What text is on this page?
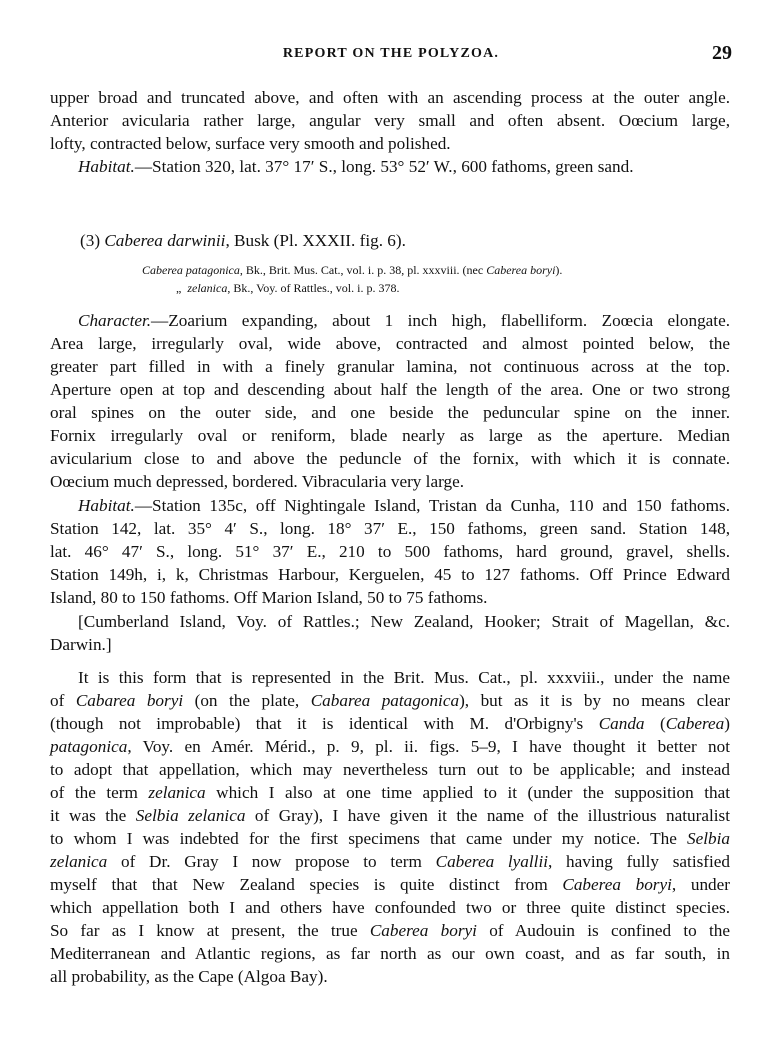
REPORT ON THE POLYZOA.	29
upper broad and truncated above, and often with an ascending process at the outer angle.
Anterior avicularia rather large, angular very small and often absent. Oœcium large,
lofty, contracted below, surface very smooth and polished.
Habitat.—Station 320, lat. 37° 17′ S., long. 53° 52′ W., 600 fathoms, green sand.
(3) Caberea darwinii, Busk (Pl. XXXII. fig. 6).
Caberea patagonica, Bk., Brit. Mus. Cat., vol. i. p. 38, pl. xxxviii. (nec Caberea boryi).
„ zelanica, Bk., Voy. of Rattles., vol. i. p. 378.
Character.—Zoarium expanding, about 1 inch high, flabelliform. Zoœcia elongate.
Area large, irregularly oval, wide above, contracted and almost pointed below, the
greater part filled in with a finely granular lamina, not continuous across at the top.
Aperture open at top and descending about half the length of the area. One or two strong
oral spines on the outer side, and one beside the peduncular spine on the inner.
Fornix irregularly oval or reniform, blade nearly as large as the aperture. Median
avicularium close to and above the peduncle of the fornix, with which it is connate.
Oœcium much depressed, bordered. Vibracularia very large.
Habitat.—Station 135c, off Nightingale Island, Tristan da Cunha, 110 and 150 fathoms.
Station 142, lat. 35° 4′ S., long. 18° 37′ E., 150 fathoms, green sand. Station 148,
lat. 46° 47′ S., long. 51° 37′ E., 210 to 500 fathoms, hard ground, gravel, shells.
Station 149h, i, k, Christmas Harbour, Kerguelen, 45 to 127 fathoms. Off Prince Edward
Island, 80 to 150 fathoms. Off Marion Island, 50 to 75 fathoms.
[Cumberland Island, Voy. of Rattles.; New Zealand, Hooker; Strait of Magellan, &c.
Darwin.]
It is this form that is represented in the Brit. Mus. Cat., pl. xxxviii., under the name
of Cabarea boryi (on the plate, Cabarea patagonica), but as it is by no means clear
(though not improbable) that it is identical with M. d'Orbigny's Canda (Caberea)
patagonica, Voy. en Amér. Mérid., p. 9, pl. ii. figs. 5–9, I have thought it better not
to adopt that appellation, which may nevertheless turn out to be applicable; and instead
of the term zelanica which I also at one time applied to it (under the supposition that
it was the Selbia zelanica of Gray), I have given it the name of the illustrious naturalist
to whom I was indebted for the first specimens that came under my notice. The Selbia
zelanica of Dr. Gray I now propose to term Caberea lyallii, having fully satisfied
myself that that New Zealand species is quite distinct from Caberea boryi, under
which appellation both I and others have confounded two or three quite distinct species.
So far as I know at present, the true Caberea boryi of Audouin is confined to the
Mediterranean and Atlantic regions, as far north as our own coast, and as far south, in
all probability, as the Cape (Algoa Bay).
